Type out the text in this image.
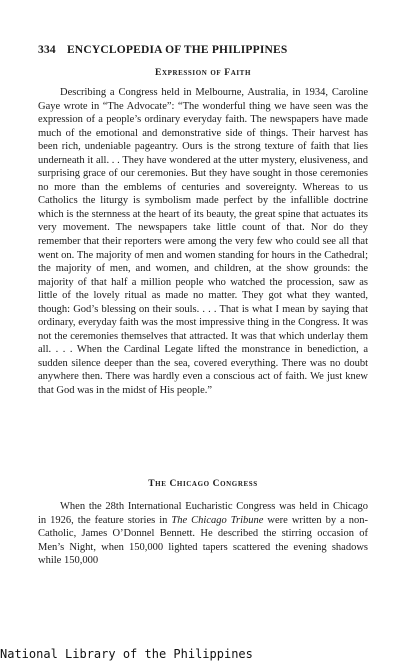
334 ENCYCLOPEDIA OF THE PHILIPPINES
Expression of Faith

Describing a Congress held in Melbourne, Australia, in 1934, Caroline Gaye wrote in “The Advocate”: “The wonderful thing we have seen was the expression of a people’s ordinary everyday faith. The newspapers have made much of the emotional and demonstrative side of things. Their harvest has been rich, undeniable pageantry. Ours is the strong texture of faith that lies underneath it all. . . They have wondered at the utter mystery, elusiveness, and surprising grace of our ceremonies. But they have sought in those ceremonies no more than the emblems of centuries and sovereignty. Whereas to us Catholics the liturgy is symbolism made perfect by the infallible doctrine which is the sternness at the heart of its beauty, the great spine that actuates its very movement. The newspapers take little count of that. Nor do they remember that their reporters were among the very few who could see all that went on. The majority of men and women standing for hours in the Cathedral; the majority of men, and women, and children, at the show grounds: the majority of that half a million people who watched the procession, saw as little of the lovely ritual as made no matter. They got what they wanted, though: God’s blessing on their souls. . . . That is what I mean by saying that ordinary, everyday faith was the most impressive thing in the Congress. It was not the ceremonies themselves that attracted. It was that which underlay them all. . . . When the Cardinal Legate lifted the monstrance in benediction, a sudden silence deeper than the sea, covered everything. There was no doubt anywhere then. There was hardly even a conscious act of faith. We just knew that God was in the midst of His people.”

The Chicago Congress

When the 28th International Eucharistic Congress was held in Chicago in 1926, the feature stories in The Chicago Tribune were written by a non-Catholic, James O’Donnel Bennett. He described the stirring occasion of Men’s Night, when 150,000 lighted tapers scattered the evening shadows while 150,000

National Library of the Philippines
